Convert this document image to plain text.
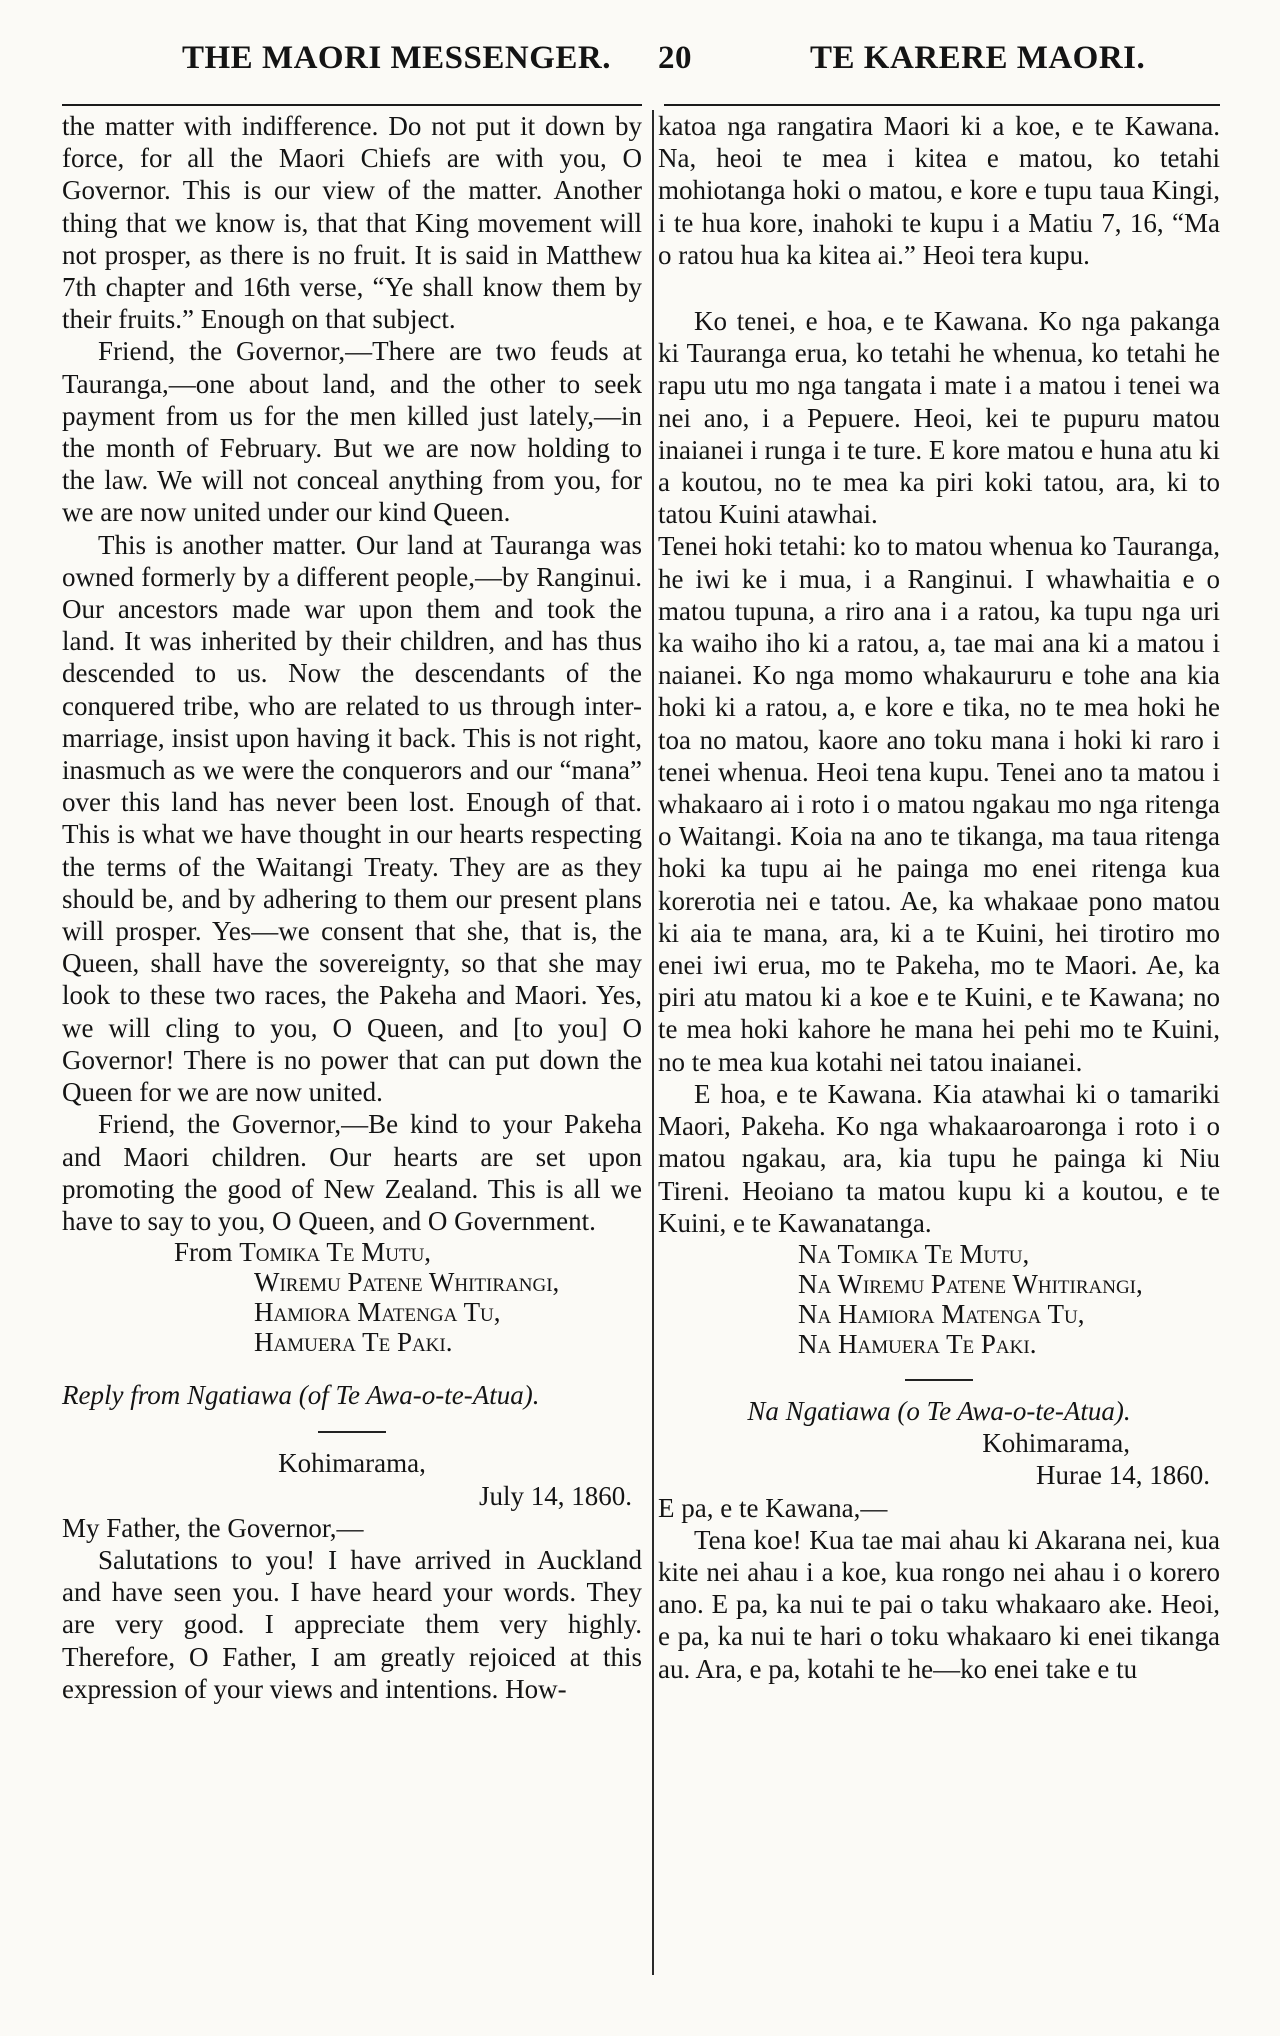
THE MAORI MESSENGER. 20	TE KARERE MAORI.

the matter with indifference. Do not put it down by force, for all the Maori Chiefs are with you, O Governor. This is our view of the matter. Another thing that we know is, that that King movement will not prosper, as there is no fruit. It is said in Matthew 7th chapter and 16th verse, “Ye shall know them by their fruits.” Enough on that subject.

Friend, the Governor,—There are two feuds at Tauranga,—one about land, and the other to seek payment from us for the men killed just lately,—in the month of February. But we are now holding to the law. We will not conceal anything from you, for we are now united under our kind Queen.

This is another matter. Our land at Tauranga was owned formerly by a different people,—by Ranginui. Our ancestors made war upon them and took the land. It was inherited by their children, and has thus descended to us. Now the descendants of the conquered tribe, who are related to us through inter-marriage, insist upon having it back. This is not right, inasmuch as we were the conquerors and our “mana” over this land has never been lost. Enough of that. This is what we have thought in our hearts respecting the terms of the Waitangi Treaty. They are as they should be, and by adhering to them our present plans will prosper. Yes—we consent that she, that is, the Queen, shall have the sovereignty, so that she may look to these two races, the Pakeha and Maori. Yes, we will cling to you, O Queen, and [to you] O Governor! There is no power that can put down the Queen for we are now united.

Friend, the Governor,—Be kind to your Pakeha and Maori children. Our hearts are set upon promoting the good of New Zealand. This is all we have to say to you, O Queen, and O Government.

From Tomika Te Mutu,
Wiremu Patene Whitirangi,
Hamiora Matenga Tu,
Hamuera Te Paki.

Reply from Ngatiawa (of Te Awa-o-te-Atua).

Kohimarama,

July 14, 1860.

My Father, the Governor,—

Salutations to you! I have arrived in Auckland and have seen you. I have heard your words. They are very good. I appreciate them very highly. Therefore, O Father, I am greatly rejoiced at this expression of your views and intentions. How-

katoa nga rangatira Maori ki a koe, e te Kawana. Na, heoi te mea i kitea e matou, ko tetahi mohiotanga hoki o matou, e kore e tupu taua Kingi, i te hua kore, inahoki te kupu i a Matiu 7, 16, “Ma o ratou hua ka kitea ai.” Heoi tera kupu.

Ko tenei, e hoa, e te Kawana. Ko nga pakanga ki Tauranga erua, ko tetahi he whenua, ko tetahi he rapu utu mo nga tangata i mate i a matou i tenei wa nei ano, i a Pepuere. Heoi, kei te pupuru matou inaianei i runga i te ture. E kore matou e huna atu ki a koutou, no te mea ka piri koki tatou, ara, ki to tatou Kuini atawhai.

Tenei hoki tetahi: ko to matou whenua ko Tauranga, he iwi ke i mua, i a Ranginui. I whawhaitia e o matou tupuna, a riro ana i a ratou, ka tupu nga uri ka waiho iho ki a ratou, a, tae mai ana ki a matou i naianei. Ko nga momo whakaururu e tohe ana kia hoki ki a ratou, a, e kore e tika, no te mea hoki he toa no matou, kaore ano toku mana i hoki ki raro i tenei whenua. Heoi tena kupu. Tenei ano ta matou i whakaaro ai i roto i o matou ngakau mo nga ritenga o Waitangi. Koia na ano te tikanga, ma taua ritenga hoki ka tupu ai he painga mo enei ritenga kua korerotia nei e tatou. Ae, ka whakaae pono matou ki aia te mana, ara, ki a te Kuini, hei tirotiro mo enei iwi erua, mo te Pakeha, mo te Maori. Ae, ka piri atu matou ki a koe e te Kuini, e te Kawana; no te mea hoki kahore he mana hei pehi mo te Kuini, no te mea kua kotahi nei tatou inaianei.

E hoa, e te Kawana. Kia atawhai ki o tamariki Maori, Pakeha. Ko nga whakaaroaronga i roto i o matou ngakau, ara, kia tupu he painga ki Niu Tireni. Heoiano ta matou kupu ki a koutou, e te Kuini, e te Kawanatanga.

Na Tomika Te Mutu,
Na Wiremu Patene Whitirangi,
Na Hamiora Matenga Tu,
Na Hamuera Te Paki.

Na Ngatiawa (o Te Awa-o-te-Atua).

Kohimarama,

Hurae 14, 1860.

E pa, e te Kawana,—

Tena koe! Kua tae mai ahau ki Akarana nei, kua kite nei ahau i a koe, kua rongo nei ahau i o korero ano. E pa, ka nui te pai o taku whakaaro ake. Heoi, e pa, ka nui te hari o toku whakaaro ki enei tikanga au. Ara, e pa, kotahi te he—ko enei take e tu
